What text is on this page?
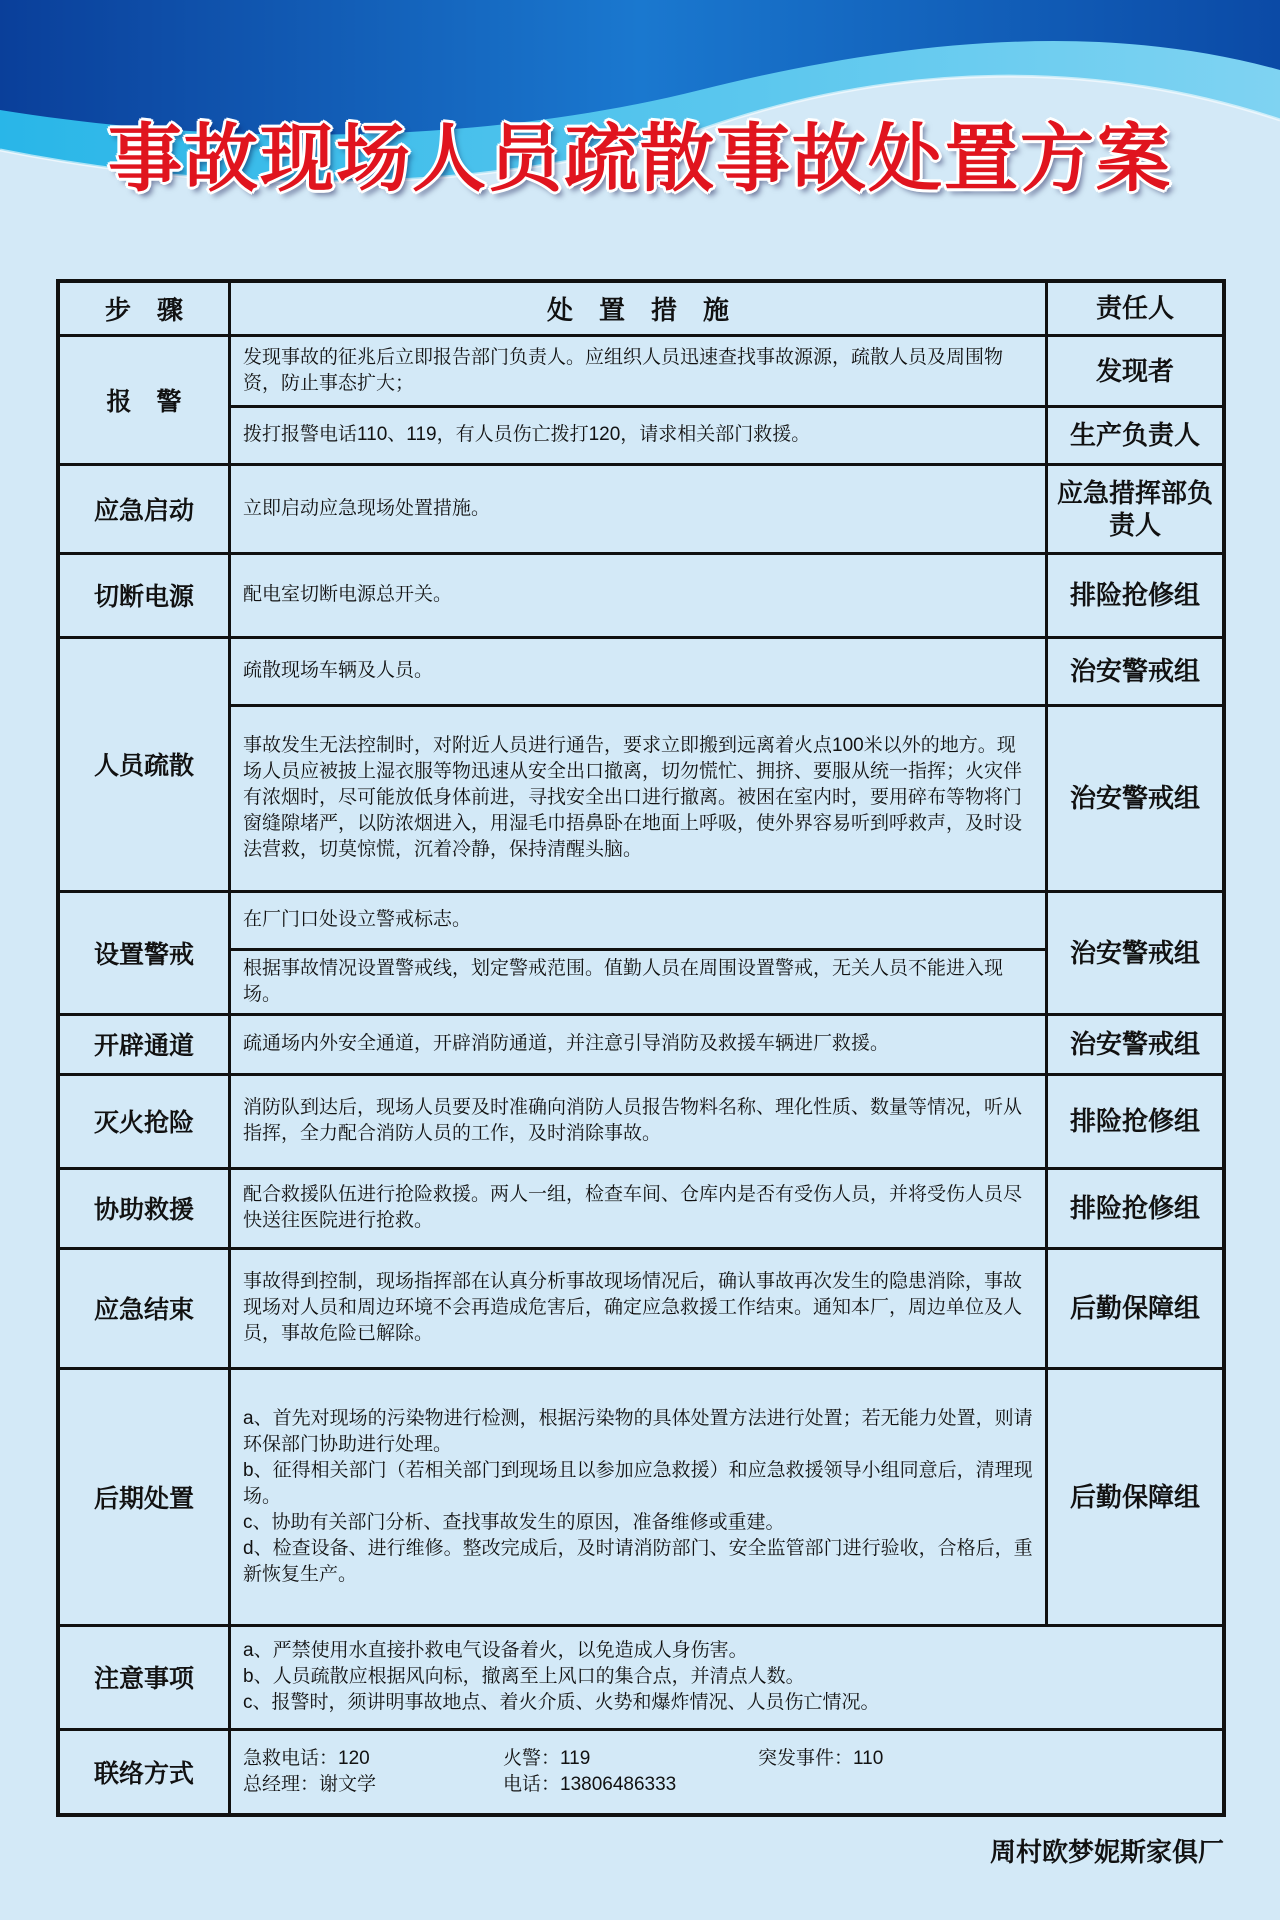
事故现场人员疏散事故处置方案
步　骤	处　置　措　施	责任人
报　警	发现事故的征兆后立即报告部门负责人。应组织人员迅速查找事故源源，疏散人员及周围物资，防止事态扩大；	发现者
	拨打报警电话110、119，有人员伤亡拨打120，请求相关部门救援。	生产负责人
应急启动	立即启动应急现场处置措施。	应急措挥部负责人
切断电源	配电室切断电源总开关。	排险抢修组
人员疏散	疏散现场车辆及人员。	治安警戒组
	事故发生无法控制时，对附近人员进行通告，要求立即搬到远离着火点100米以外的地方。现场人员应被披上湿衣服等物迅速从安全出口撤离，切勿慌忙、拥挤、要服从统一指挥；火灾伴有浓烟时，尽可能放低身体前进，寻找安全出口进行撤离。被困在室内时，要用碎布等物将门窗缝隙堵严，以防浓烟进入，用湿毛巾捂鼻卧在地面上呼吸，使外界容易听到呼救声，及时设法营救，切莫惊慌，沉着冷静，保持清醒头脑。	治安警戒组
设置警戒	在厂门口处设立警戒标志。	治安警戒组
	根据事故情况设置警戒线，划定警戒范围。值勤人员在周围设置警戒，无关人员不能进入现场。	
开辟通道	疏通场内外安全通道，开辟消防通道，并注意引导消防及救援车辆进厂救援。	治安警戒组
灭火抢险	消防队到达后，现场人员要及时准确向消防人员报告物料名称、理化性质、数量等情况，听从指挥，全力配合消防人员的工作，及时消除事故。	排险抢修组
协助救援	配合救援队伍进行抢险救援。两人一组，检查车间、仓库内是否有受伤人员，并将受伤人员尽快送往医院进行抢救。	排险抢修组
应急结束	事故得到控制，现场指挥部在认真分析事故现场情况后，确认事故再次发生的隐患消除，事故现场对人员和周边环境不会再造成危害后，确定应急救援工作结束。通知本厂，周边单位及人员，事故危险已解除。	后勤保障组
后期处置	a、首先对现场的污染物进行检测，根据污染物的具体处置方法进行处置；若无能力处置，则请环保部门协助进行处理。
b、征得相关部门（若相关部门到现场且以参加应急救援）和应急救援领导小组同意后，清理现场。
c、协助有关部门分析、查找事故发生的原因，准备维修或重建。
d、检查设备、进行维修。整改完成后，及时请消防部门、安全监管部门进行验收，合格后，重新恢复生产。	后勤保障组
注意事项	a、严禁使用水直接扑救电气设备着火，以免造成人身伤害。
b、人员疏散应根据风向标，撤离至上风口的集合点，并清点人数。
c、报警时，须讲明事故地点、着火介质、火势和爆炸情况、人员伤亡情况。	

联络方式	急救电话：120 火警：119 突发事件：110
总经理：谢文学 电话：13806486333	
周村欧梦妮斯家俱厂
